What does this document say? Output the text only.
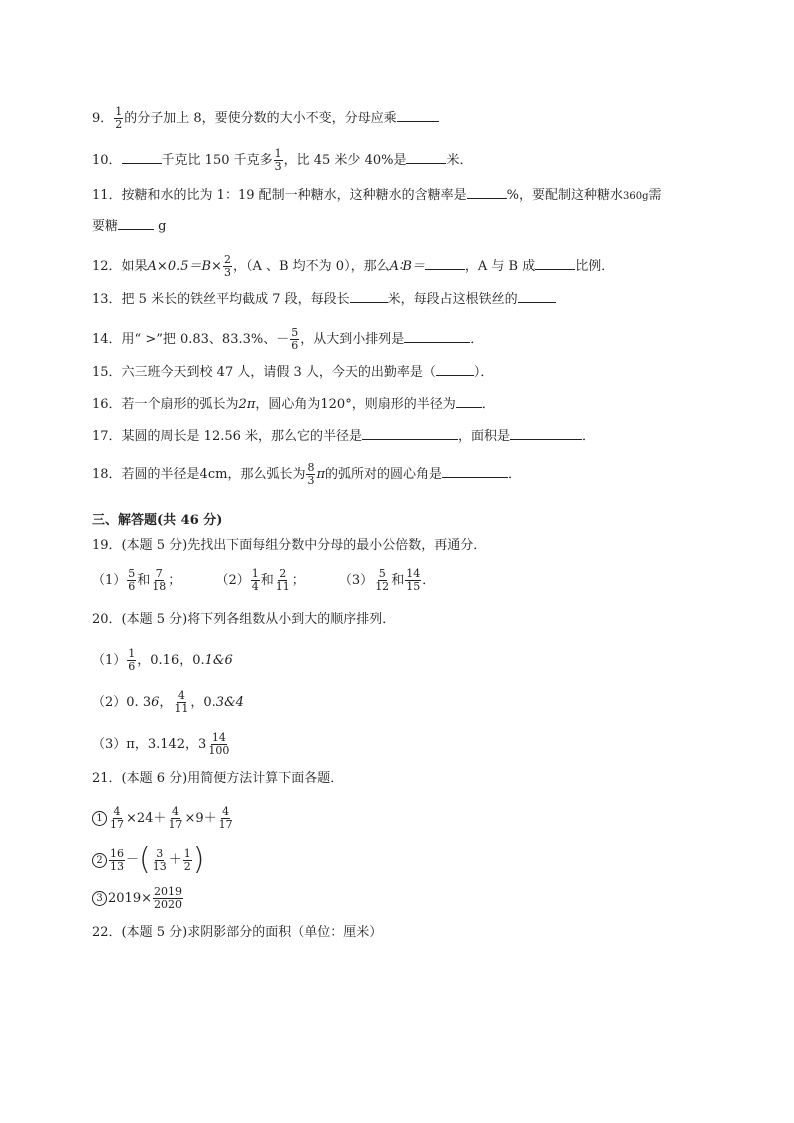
9． $\frac{1}{2}$ 的分子加上 8，要使分数的大小不变，分母应乘
10．	千克比 150 千克多 $\frac{1}{3}$ ，比 45 米少 40%是	米．
11．按糖和水的比为 1：19 配制一种糖水，这种糖水的含糖率是	%，要配制这种糖水360g需
要糖	g
12．如果$A\times 0.5=B\times \frac{2}{3}$ ，（A 、B 均不为 0），那么A∶B＝	，A 与 B 成	比例．
13．把 5 米长的铁丝平均截成 7 段，每段长	米，每段占这根铁丝的
14．用“ >”把 0.83、83.3%、－ $\frac{5}{6}$ ，从大到小排列是	．
15．六三班今天到校 47 人，请假 3 人，今天的出勤率是（	）．
16．若一个扇形的弧长为2π，圆心角为120°，则扇形的半径为 ．
17．某圆的周长是 12.56 米，那么它的半径是	，面积是	．
18．若圆的半径是4cm，那么弧长为 $\frac{8}{3}$ π的弧所对的圆心角是	．
三、解答题(共 46 分)
19．(本题 5 分)先找出下面每组分数中分母的最小公倍数，再通分．
$(1) \frac{5}{6}$ 和 $\frac{7}{18}$ ；	$(2) \frac{1}{4}$ 和 $\frac{2}{11}$ ；	$(3) \frac{5}{12}$ 和 $\frac{14}{15}$ ．
20．(本题 5 分)将下列各组数从小到大的顺序排列．
$(1) \frac{1}{6}$ ，0.16，0.1&6
（2）0. 36， $\frac{4}{11}$ ，0.3&4
（3）π，3.142，$3 \frac{14}{100}$
21．(本题 6 分)用简便方法计算下面各题．
$1 \frac{4}{17} \times 24+ \frac{4}{17} \times 9+ \frac{4}{17}$
$2 \frac{16}{13}$ －( $\frac{3}{13} + \frac{1}{2}$ )
3 $2019\times \frac{2019}{2020}$
22．(本题 5 分)求阴影部分的面积（单位：厘米）
